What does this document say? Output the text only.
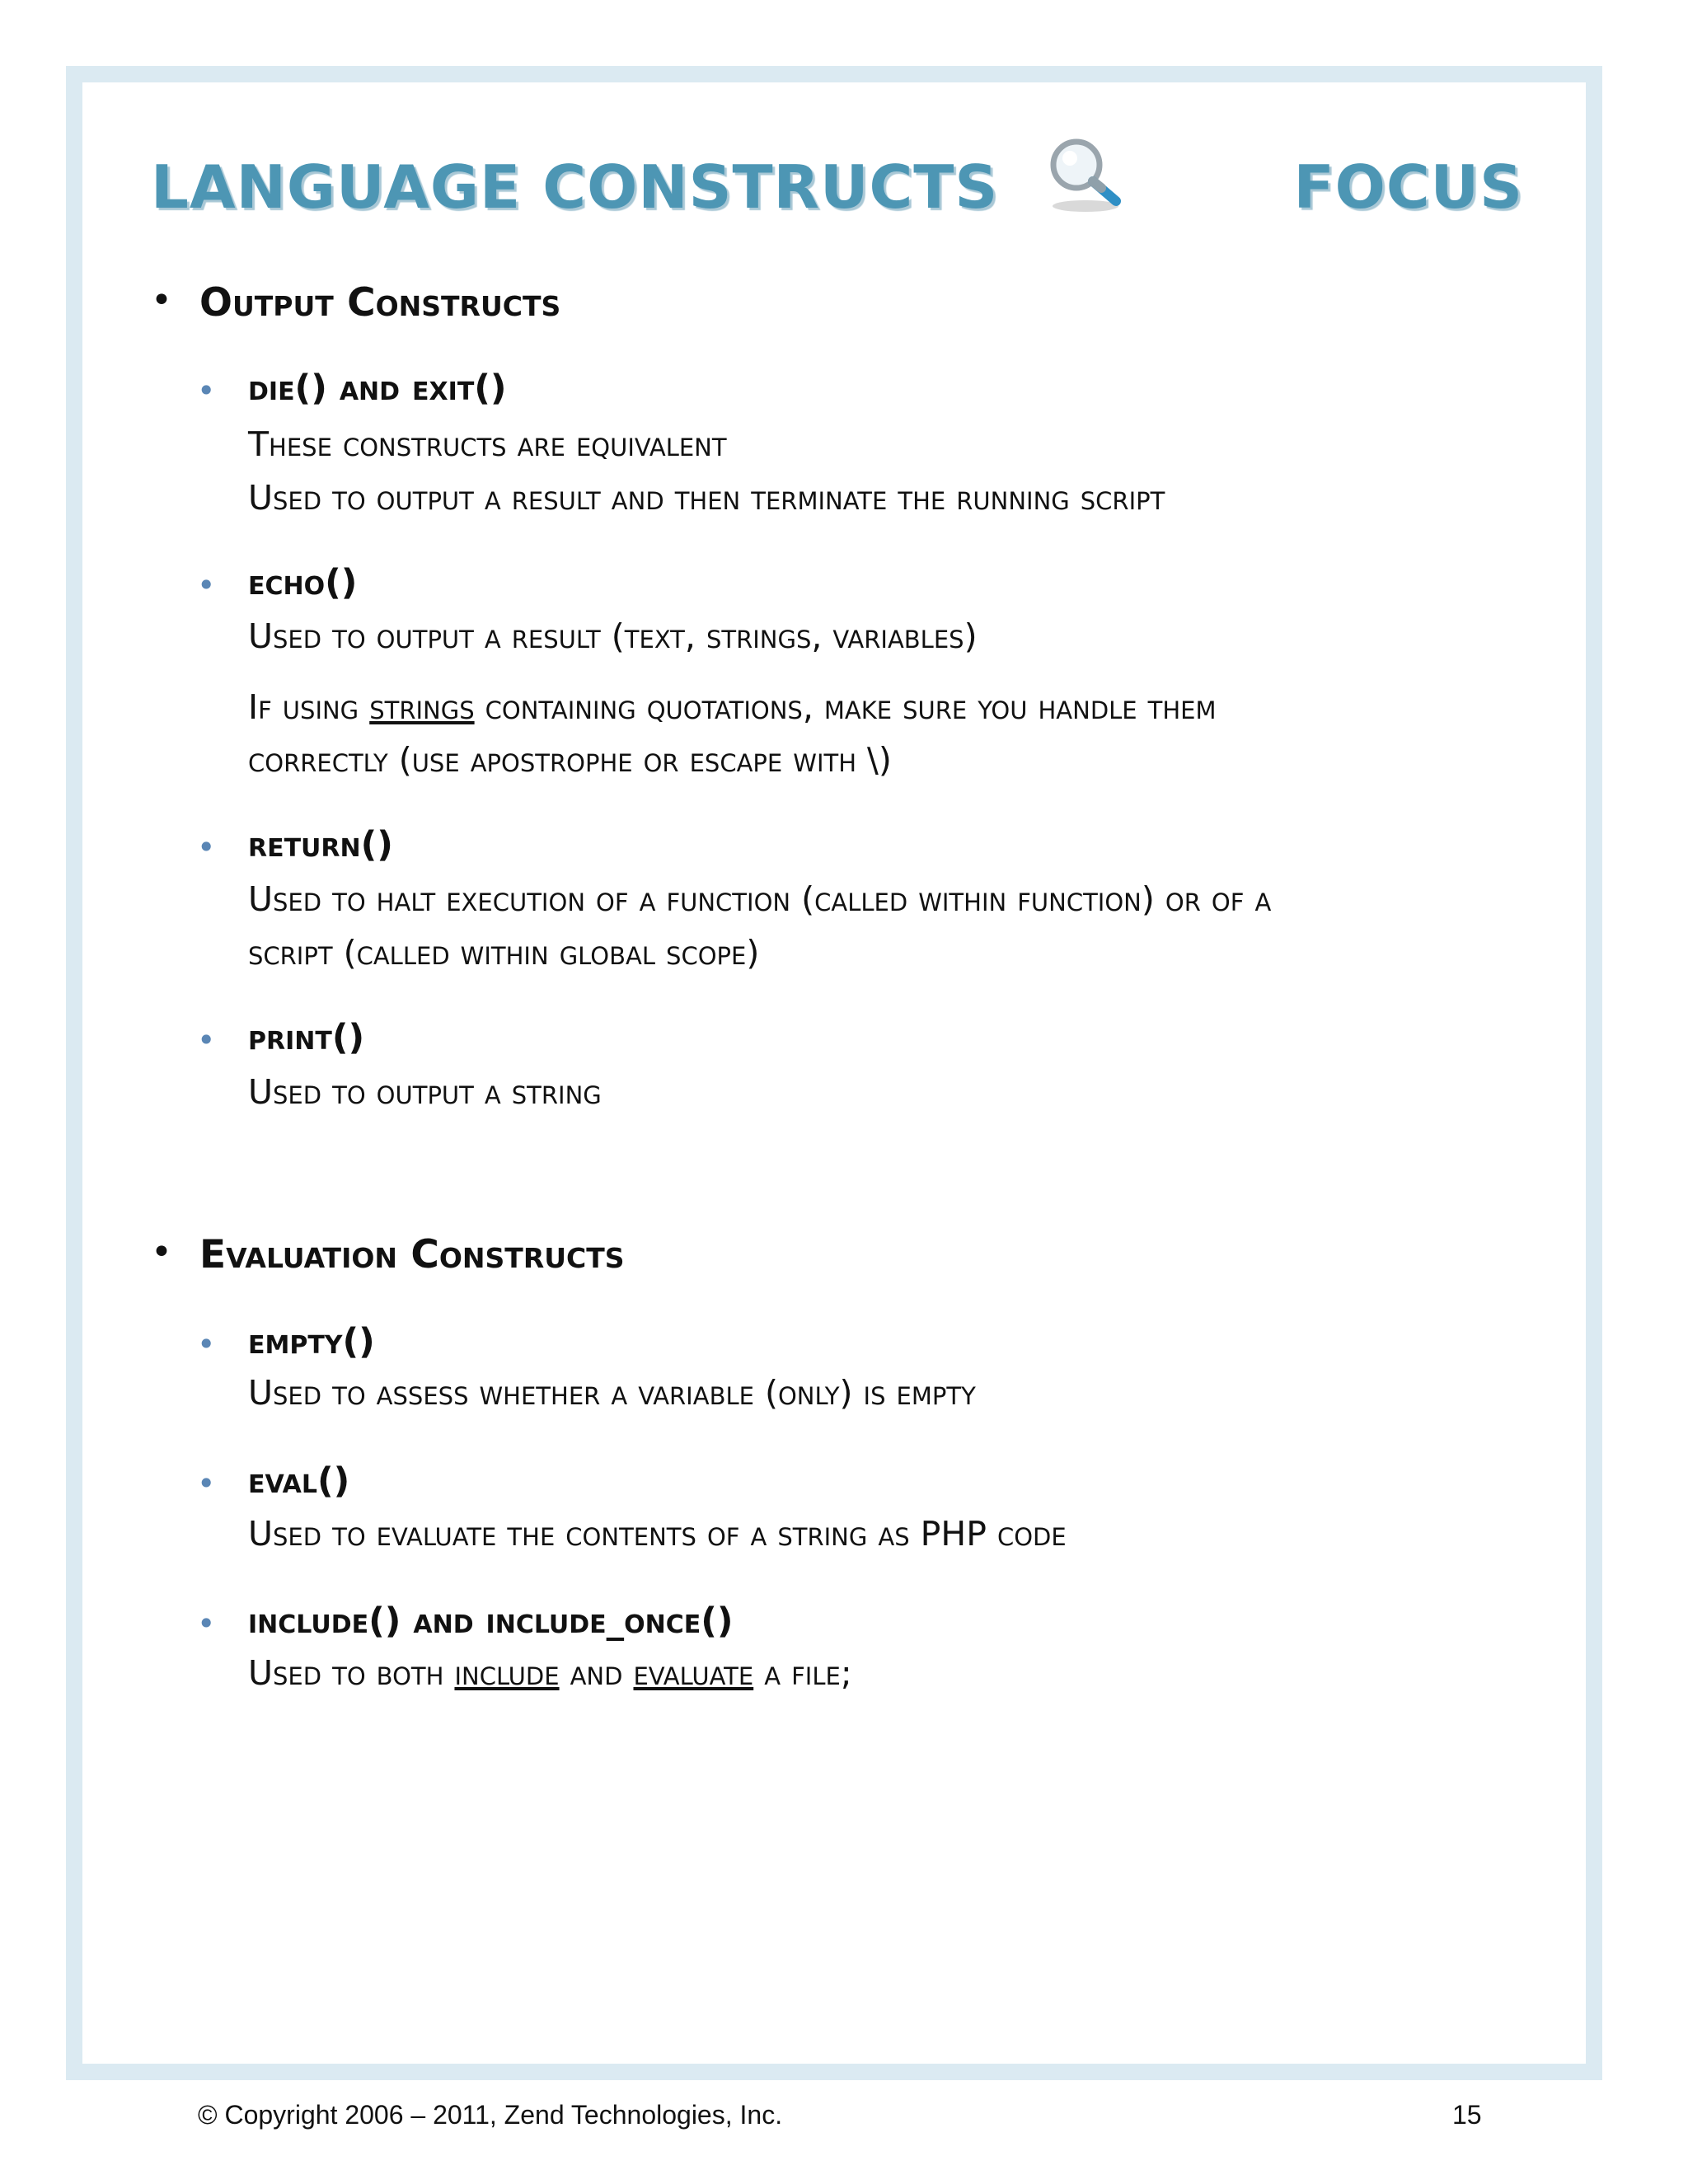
LANGUAGE CONSTRUCTS	FOCUS
• Output Constructs
• die() and exit()
These constructs are equivalent
Used to output a result and then terminate the running script
• echo()
Used to output a result (text, strings, variables)
If using strings containing quotations, make sure you handle them
correctly (use apostrophe or escape with \)
• return()
Used to halt execution of a function (called within function) or of a
script (called within global scope)
• print()
Used to output a string
• Evaluation Constructs
• empty()
Used to assess whether a variable (only) is empty
• eval()
Used to evaluate the contents of a string as PHP code
• include() and include_once()
Used to both include and evaluate a file;
© Copyright 2006 – 2011, Zend Technologies, Inc.	15
